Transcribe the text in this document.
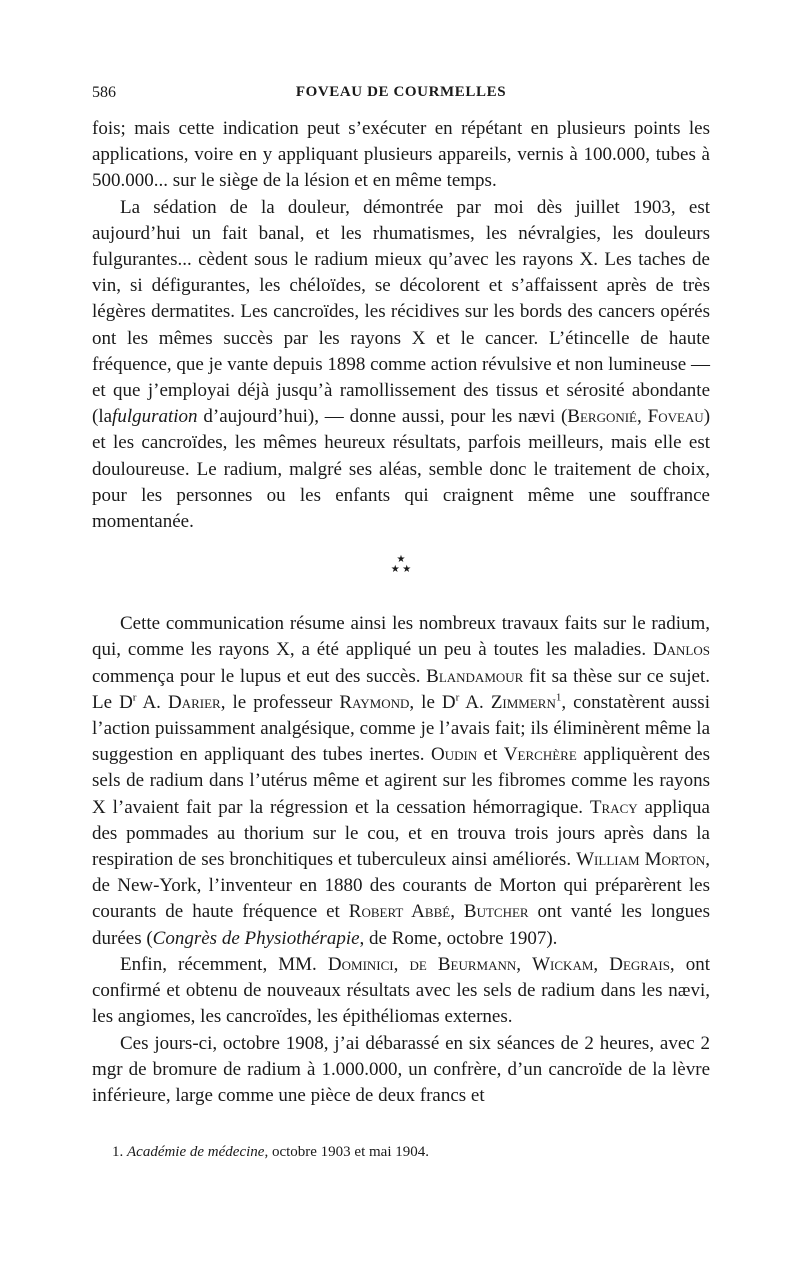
586	FOVEAU DE COURMELLES

fois; mais cette indication peut s’exécuter en répétant en plusieurs points les applications, voire en y appliquant plusieurs appareils, vernis à 100.000, tubes à 500.000... sur le siège de la lésion et en même temps.

La sédation de la douleur, démontrée par moi dès juillet 1903, est aujourd’hui un fait banal, et les rhumatismes, les névralgies, les douleurs fulgurantes... cèdent sous le radium mieux qu’avec les rayons X. Les taches de vin, si défigurantes, les chéloïdes, se décolorent et s’affaissent après de très légères dermatites. Les cancroïdes, les récidives sur les bords des cancers opérés ont les mêmes succès par les rayons X et le cancer. L’étincelle de haute fréquence, que je vante depuis 1898 comme action révulsive et non lumineuse — et que j’employai déjà jusqu’à ramollissement des tissus et sérosité abondante (lafulguration d’aujourd’hui), — donne aussi, pour les nævi (Bergonié, Foveau) et les cancroïdes, les mêmes heureux résultats, parfois meilleurs, mais elle est douloureuse. Le radium, malgré ses aléas, semble donc le traitement de choix, pour les personnes ou les enfants qui craignent même une souffrance momentanée.

★
★ ★

Cette communication résume ainsi les nombreux travaux faits sur le radium, qui, comme les rayons X, a été appliqué un peu à toutes les maladies. Danlos commença pour le lupus et eut des succès. Blandamour fit sa thèse sur ce sujet. Le $D^r$ A. Darier, le professeur Raymond, le $D^r$ A. Zimmern$^1$, constatèrent aussi l’action puissamment analgésique, comme je l’avais fait; ils éliminèrent même la suggestion en appliquant des tubes inertes. Oudin et Verchère appliquèrent des sels de radium dans l’utérus même et agirent sur les fibromes comme les rayons X l’avaient fait par la régression et la cessation hémorragique. Tracy appliqua des pommades au thorium sur le cou, et en trouva trois jours après dans la respiration de ses bronchitiques et tuberculeux ainsi améliorés. William Morton, de New-York, l’inventeur en 1880 des courants de Morton qui préparèrent les courants de haute fréquence et Robert Abbé, Butcher ont vanté les longues durées (Congrès de Physiothérapie, de Rome, octobre 1907).

Enfin, récemment, MM. Dominici, de Beurmann, Wickam, Degrais, ont confirmé et obtenu de nouveaux résultats avec les sels de radium dans les nævi, les angiomes, les cancroïdes, les épithéliomas externes.

Ces jours-ci, octobre 1908, j’ai débarassé en six séances de 2 heures, avec 2 mgr de bromure de radium à 1.000.000, un confrère, d’un cancroïde de la lèvre inférieure, large comme une pièce de deux francs et

1. Académie de médecine, octobre 1903 et mai 1904.
